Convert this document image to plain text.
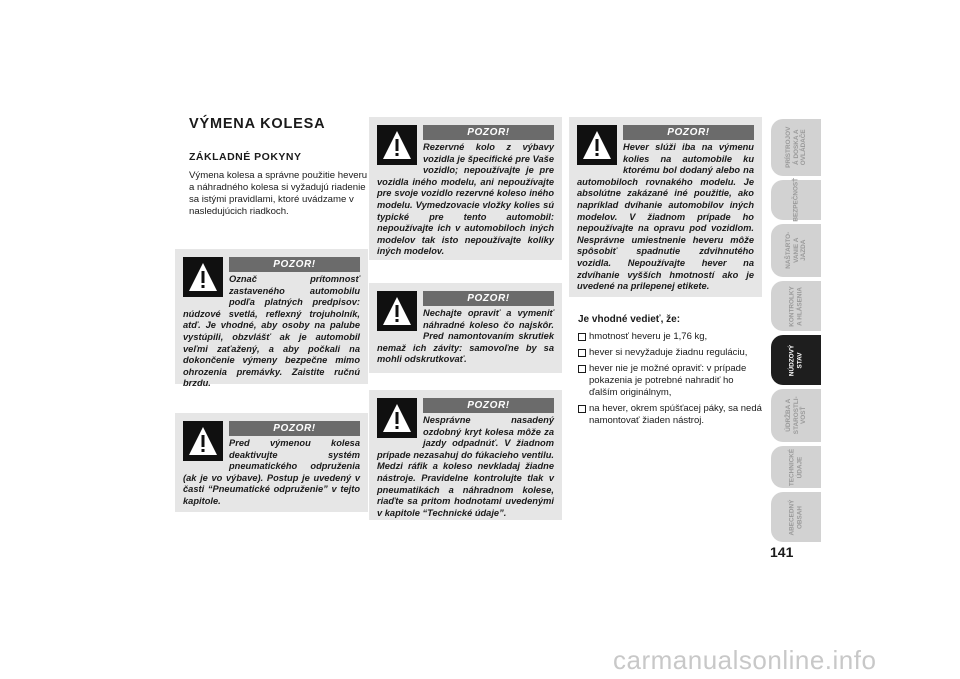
VÝMENA KOLESA
ZÁKLADNÉ POKYNY
Výmena kolesa a správne použitie heveru a náhradného kolesa si vyžadujú riadenie sa istými pravidlami, ktoré uvádzame v nasledujúcich riadkoch.
POZOR!
Označ prítomnosť zastaveného automobilu podľa platných predpisov: núdzové svetlá, reflexný trojuholník, atď. Je vhodné, aby osoby na palube vystúpili, obzvlášť ak je automobil veľmi zaťažený, a aby počkali na dokončenie výmeny bezpečne mimo ohrozenia premávky. Zaistite ručnú brzdu.
POZOR!
Pred výmenou kolesa deaktivujte systém pneumatického odpruženia (ak je vo výbave). Postup je uvedený v časti “Pneumatické odpruženie” v tejto kapitole.
POZOR!
Rezervné kolo z výbavy vozidla je špecifické pre Vaše vozidlo; nepoužívajte je pre vozidla iného modelu, ani nepoužívajte pre svoje vozidlo rezervné koleso iného modelu. Vymedzovacie vložky kolies sú typické pre tento automobil: nepoužívajte ich v automobiloch iných modelov tak isto nepoužívajte kolíky iných modelov.
POZOR!
Nechajte opraviť a vymeniť náhradné koleso čo najskôr. Pred namontovaním skrutiek nemaž ich závity: samovoľne by sa mohli odskrutkovať.
POZOR!
Nesprávne nasadený ozdobný kryt kolesa môže za jazdy odpadnúť. V žiadnom prípade nezasahuj do fúkacieho ventilu. Medzi ráfik a koleso nevkladaj žiadne nástroje. Pravidelne kontrolujte tlak v pneumatikách a náhradnom kolese, riaďte sa pritom hodnotami uvedenými v kapitole “Technické údaje”.
POZOR!
Hever slúži iba na výmenu kolies na automobile ku ktorému bol dodaný alebo na automobiloch rovnakého modelu. Je absolútne zakázané iné použitie, ako napríklad dvíhanie automobilov iných modelov. V žiadnom prípade ho nepoužívajte na opravu pod vozidlom. Nesprávne umiestnenie heveru môže spôsobiť spadnutie zdvihnutého vozidla. Nepoužívajte hever na zdvíhanie vyšších hmotností ako je uvedené na prilepenej etikete.
Je vhodné vedieť, že:
hmotnosť heveru je 1,76 kg,
hever si nevyžaduje žiadnu reguláciu,
hever nie je možné opraviť: v prípade pokazenia je potrebné nahradiť ho ďalším originálnym,
na hever, okrem spúšťacej páky, sa nedá namontovať žiaden nástroj.
PRÍSTROJOV
Á DOSKA A
OVLÁDAČE
BEZPEČNOSŤ
NAŠTARTO-
VANIE A
JAZDA
KONTROLKY
A HLÁSENIA
NÚDZOVÝ
STAV
ÚDRŽBA A
STAROSTLI-
VOSŤ
TECHNICKÉ
ÚDAJE
ABECEDNÝ
OBSAH
141
carmanualsonline.info
